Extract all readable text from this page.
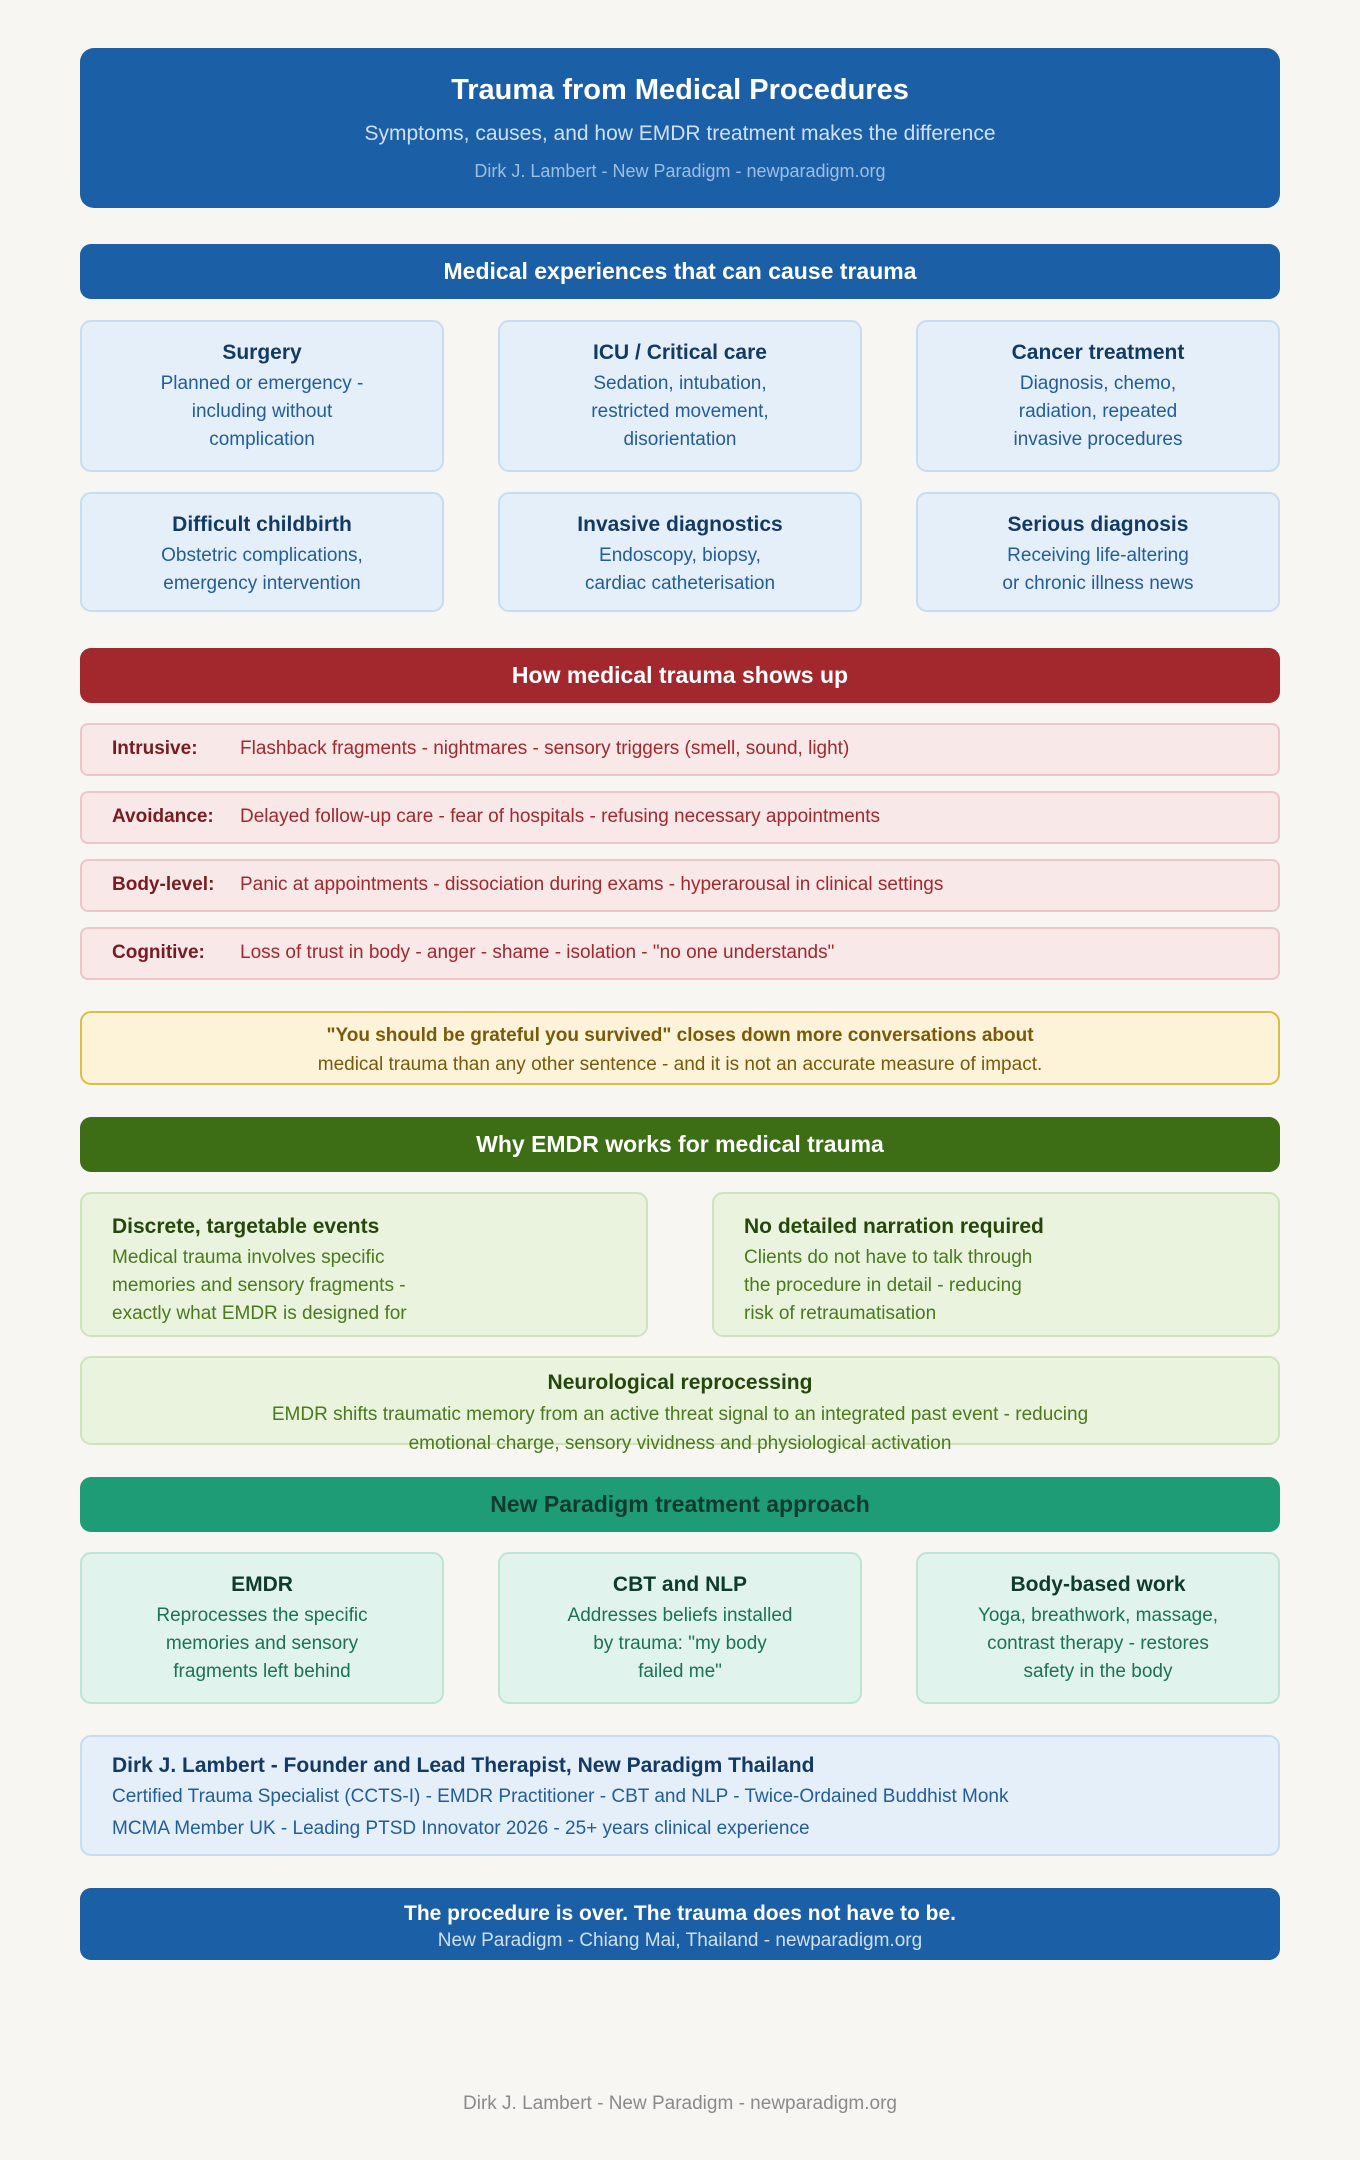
Trauma from Medical Procedures
Symptoms, causes, and how EMDR treatment makes the difference
Dirk J. Lambert - New Paradigm - newparadigm.org
Medical experiences that can cause trauma
Surgery
Planned or emergency -
including without
complication
ICU / Critical care
Sedation, intubation,
restricted movement,
disorientation
Cancer treatment
Diagnosis, chemo,
radiation, repeated
invasive procedures
Difficult childbirth
Obstetric complications,
emergency intervention
Invasive diagnostics
Endoscopy, biopsy,
cardiac catheterisation
Serious diagnosis
Receiving life-altering
or chronic illness news
How medical trauma shows up
Intrusive: Flashback fragments - nightmares - sensory triggers (smell, sound, light)
Avoidance: Delayed follow-up care - fear of hospitals - refusing necessary appointments
Body-level: Panic at appointments - dissociation during exams - hyperarousal in clinical settings
Cognitive: Loss of trust in body - anger - shame - isolation - "no one understands"
"You should be grateful you survived" closes down more conversations about
medical trauma than any other sentence - and it is not an accurate measure of impact.
Why EMDR works for medical trauma
Discrete, targetable events
Medical trauma involves specific
memories and sensory fragments -
exactly what EMDR is designed for
No detailed narration required
Clients do not have to talk through
the procedure in detail - reducing
risk of retraumatisation
Neurological reprocessing
EMDR shifts traumatic memory from an active threat signal to an integrated past event - reducing
emotional charge, sensory vividness and physiological activation
New Paradigm treatment approach
EMDR
Reprocesses the specific
memories and sensory
fragments left behind
CBT and NLP
Addresses beliefs installed
by trauma: "my body
failed me"
Body-based work
Yoga, breathwork, massage,
contrast therapy - restores
safety in the body
Dirk J. Lambert - Founder and Lead Therapist, New Paradigm Thailand
Certified Trauma Specialist (CCTS-I) - EMDR Practitioner - CBT and NLP - Twice-Ordained Buddhist Monk
MCMA Member UK - Leading PTSD Innovator 2026 - 25+ years clinical experience
The procedure is over. The trauma does not have to be.
New Paradigm - Chiang Mai, Thailand - newparadigm.org
Dirk J. Lambert - New Paradigm - newparadigm.org
